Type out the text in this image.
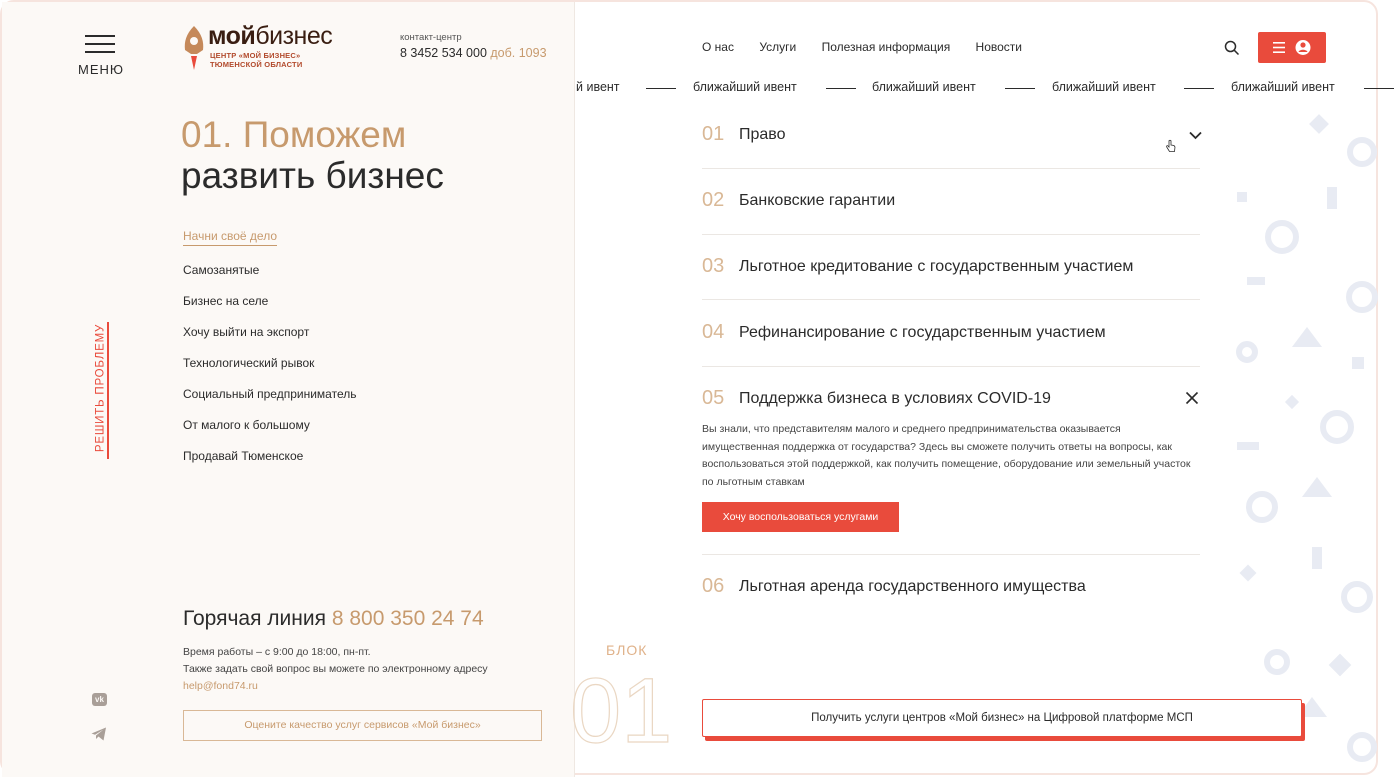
МЕНЮ
мойбизнес
ЦЕНТР «МОЙ БИЗНЕС»
ТЮМЕНСКОЙ ОБЛАСТИ
контакт-центр
8 3452 534 000 доб. 1093
01. Поможем
развить бизнес
Начни своё дело
Самозанятые
Бизнес на селе
Хочу выйти на экспорт
Технологический рывок
Социальный предприниматель
От малого к большому
Продавай Тюменское
РЕШИТЬ ПРОБЛЕМУ
Горячая линия 8 800 350 24 74
Время работы – с 9:00 до 18:00, пн-пт.
Также задать свой вопрос вы можете по электронному адресу
help@fond74.ru
Оцените качество услуг сервисов «Мой бизнес»
vk
О нас Услуги Полезная информация Новости
й ивент	ближайший ивент	ближайший ивент	ближайший ивент	ближайший ивент
01 Право
02 Банковские гарантии
03 Льготное кредитование с государственным участием
04 Рефинансирование с государственным участием
05 Поддержка бизнеса в условиях COVID-19
Вы знали, что представителям малого и среднего предпринимательства оказывается имущественная поддержка от государства? Здесь вы сможете получить ответы на вопросы, как воспользоваться этой поддержкой, как получить помещение, оборудование или земельный участок по льготным ставкам
Хочу воспользоваться услугами
06 Льготная аренда государственного имущества
БЛОК
01	Получить услуги центров «Мой бизнес» на Цифровой платформе МСП
